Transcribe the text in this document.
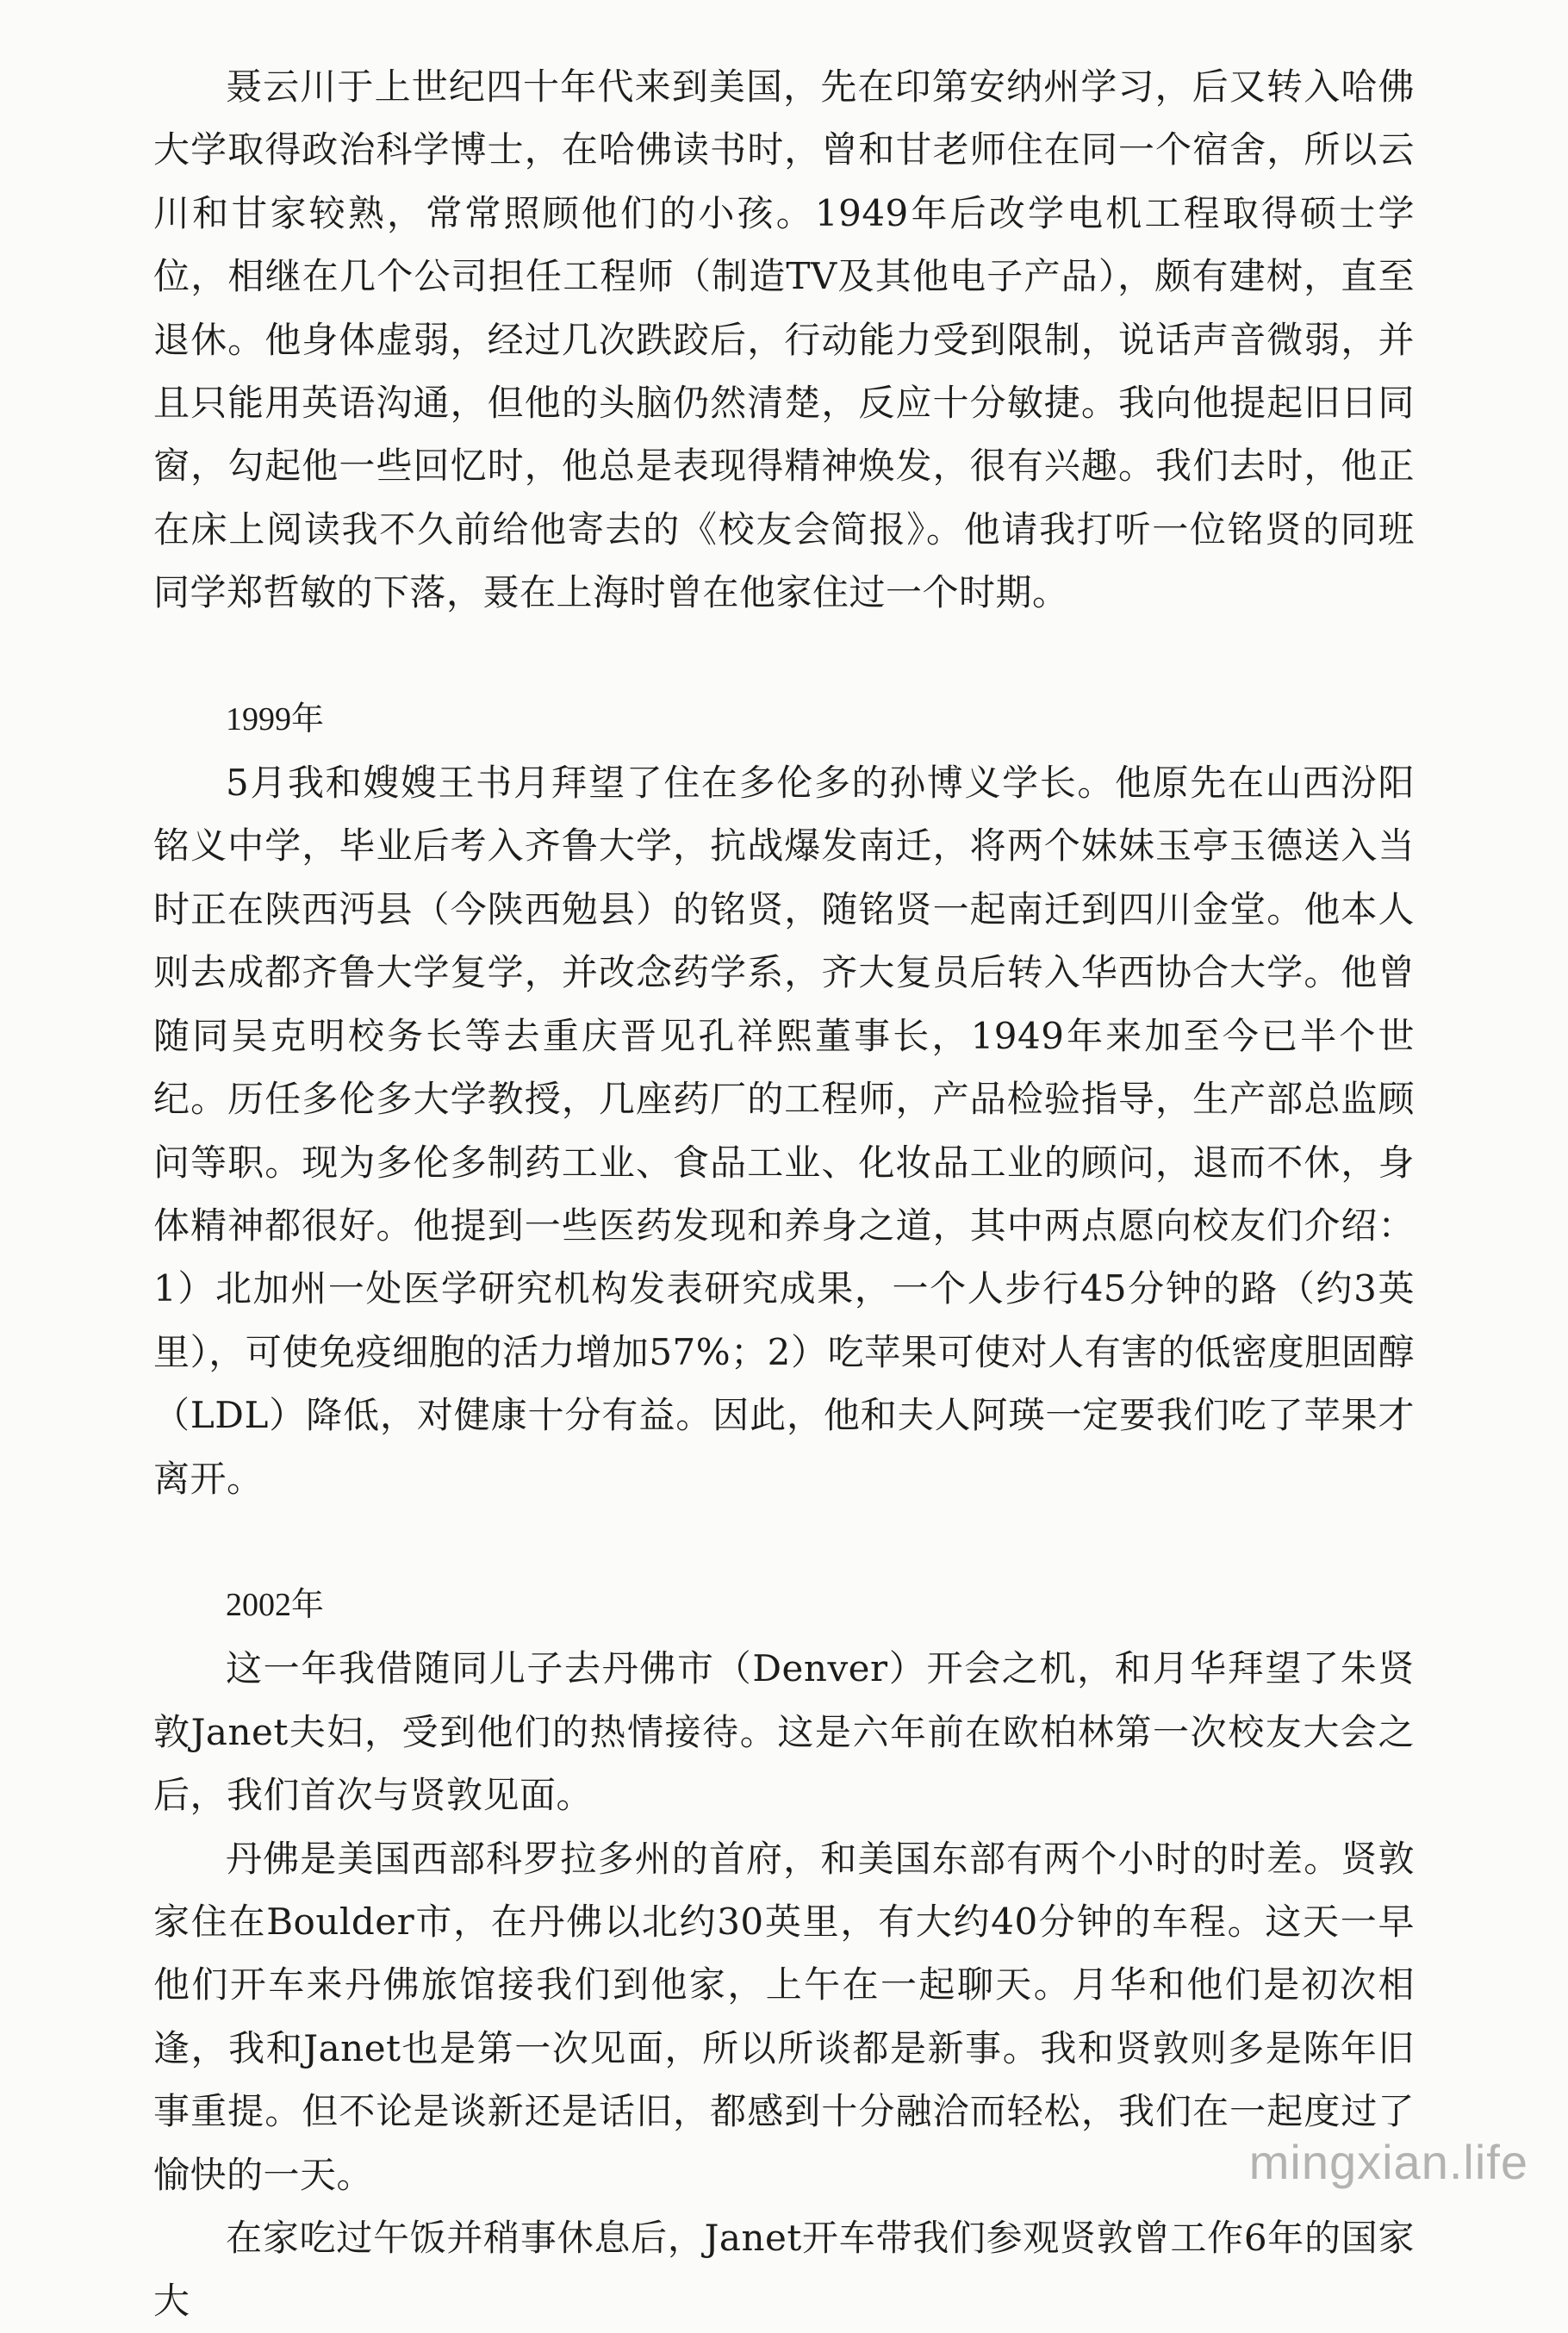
聂云川于上世纪四十年代来到美国，先在印第安纳州学习，后又转入哈佛大学取得政治科学博士，在哈佛读书时，曾和甘老师住在同一个宿舍，所以云川和甘家较熟，常常照顾他们的小孩。1949年后改学电机工程取得硕士学位，相继在几个公司担任工程师（制造TV及其他电子产品），颇有建树，直至退休。他身体虚弱，经过几次跌跤后，行动能力受到限制，说话声音微弱，并且只能用英语沟通，但他的头脑仍然清楚，反应十分敏捷。我向他提起旧日同窗，勾起他一些回忆时，他总是表现得精神焕发，很有兴趣。我们去时，他正在床上阅读我不久前给他寄去的《校友会简报》。他请我打听一位铭贤的同班同学郑哲敏的下落，聂在上海时曾在他家住过一个时期。

1999年

5月我和嫂嫂王书月拜望了住在多伦多的孙博义学长。他原先在山西汾阳铭义中学，毕业后考入齐鲁大学，抗战爆发南迁，将两个妹妹玉亭玉德送入当时正在陕西沔县（今陕西勉县）的铭贤，随铭贤一起南迁到四川金堂。他本人则去成都齐鲁大学复学，并改念药学系，齐大复员后转入华西协合大学。他曾随同吴克明校务长等去重庆晋见孔祥熙董事长，1949年来加至今已半个世纪。历任多伦多大学教授，几座药厂的工程师，产品检验指导，生产部总监顾问等职。现为多伦多制药工业、食品工业、化妆品工业的顾问，退而不休，身体精神都很好。他提到一些医药发现和养身之道，其中两点愿向校友们介绍： 1）北加州一处医学研究机构发表研究成果，一个人步行45分钟的路（约3英里），可使免疫细胞的活力增加57%；2）吃苹果可使对人有害的低密度胆固醇（LDL）降低，对健康十分有益。因此，他和夫人阿瑛一定要我们吃了苹果才离开。

2002年

这一年我借随同儿子去丹佛市（Denver）开会之机，和月华拜望了朱贤敦Janet夫妇，受到他们的热情接待。这是六年前在欧柏林第一次校友大会之后，我们首次与贤敦见面。

丹佛是美国西部科罗拉多州的首府，和美国东部有两个小时的时差。贤敦家住在Boulder市，在丹佛以北约30英里，有大约40分钟的车程。这天一早他们开车来丹佛旅馆接我们到他家，上午在一起聊天。月华和他们是初次相逢，我和Janet也是第一次见面，所以所谈都是新事。我和贤敦则多是陈年旧事重提。但不论是谈新还是话旧，都感到十分融洽而轻松，我们在一起度过了愉快的一天。

在家吃过午饭并稍事休息后，Janet开车带我们参观贤敦曾工作6年的国家大

mingxian.life
